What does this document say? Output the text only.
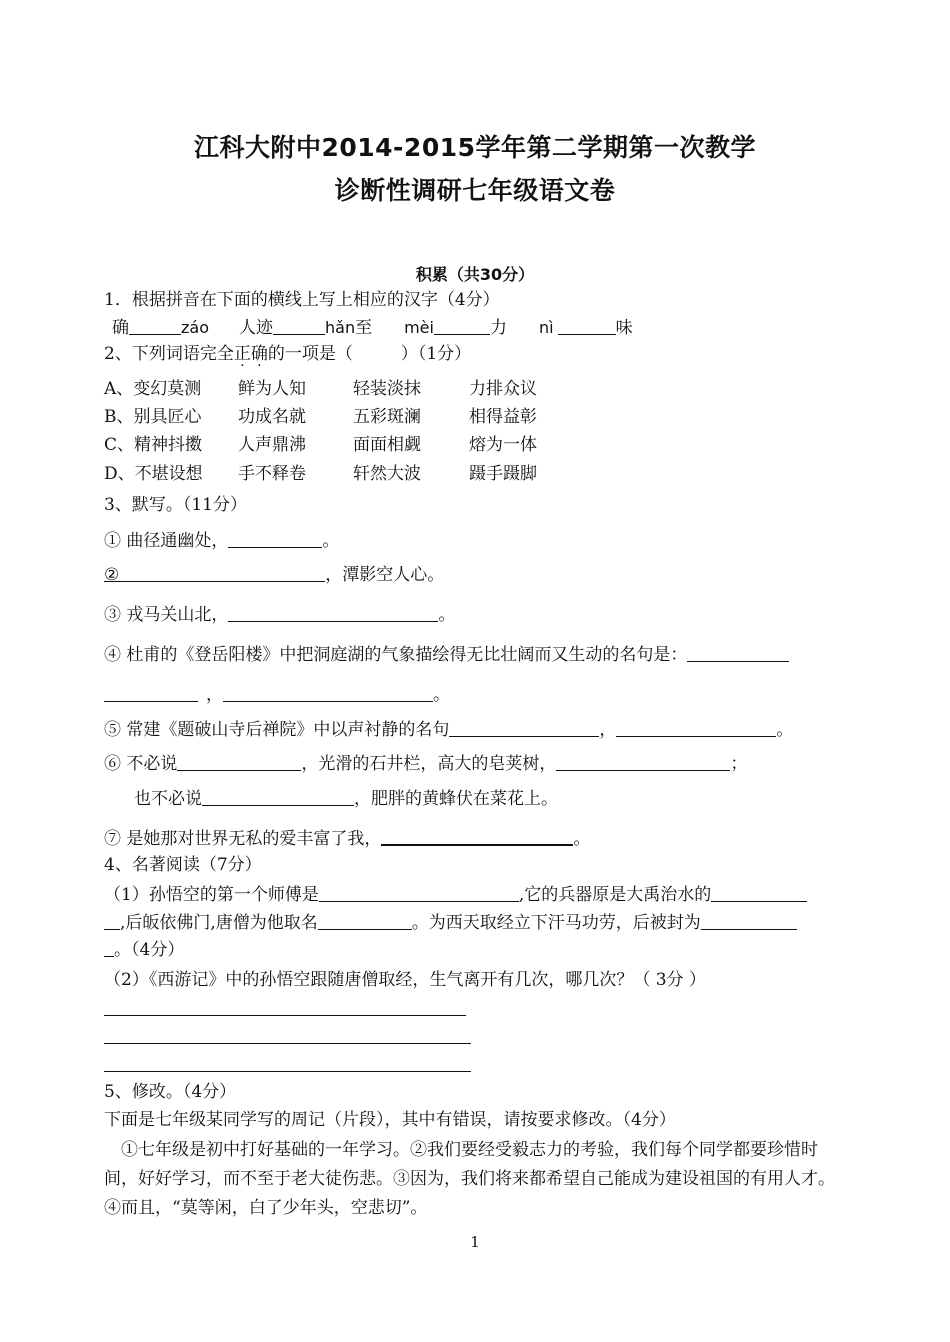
江科大附中2014-2015学年第二学期第一次教学
诊断性调研七年级语文卷
积累（共30分）
1．根据拼音在下面的横线上写上相应的汉字（4分）
确	záo 人迹	hǎn至 mèi	力 nì	味
2、下列词语完全正确的一项是（	）（1分）
A、变幻莫测 鲜为人知	轻装淡抹	力排众议
B、别具匠心 功成名就	五彩斑澜	相得益彰
C、精神抖擞 人声鼎沸	面面相觑	熔为一体
D、不堪设想 手不释卷	轩然大波	蹑手蹑脚
3、默写。（11分）
① 曲径通幽处，	。
②	，潭影空人心。
③ 戎马关山北，	。
④ 杜甫的《登岳阳楼》中把洞庭湖的气象描绘得无比壮阔而又生动的名句是：
，	。
⑤ 常建《题破山寺后禅院》中以声衬静的名句	，	。
⑥ 不必说	，光滑的石井栏，高大的皂荚树，	；
也不必说	，肥胖的黄蜂伏在菜花上。
⑦ 是她那对世界无私的爱丰富了我，	。
4、名著阅读（7分）
（1）孙悟空的第一个师傅是	,它的兵器原是大禹治水的
,后皈依佛门,唐僧为他取名	。为西天取经立下汗马功劳，后被封为
。（4分）
（2）《西游记》中的孙悟空跟随唐僧取经，生气离开有几次，哪几次？（ 3分 ）
5、修改。（4分）
下面是七年级某同学写的周记（片段），其中有错误，请按要求修改。（4分）
①七年级是初中打好基础的一年学习。②我们要经受毅志力的考验，我们每个同学都要珍惜时间，好好学习，而不至于老大徒伤悲。③因为，我们将来都希望自己能成为建设祖国的有用人才。④而且，“莫等闲，白了少年头，空悲切”。
1
